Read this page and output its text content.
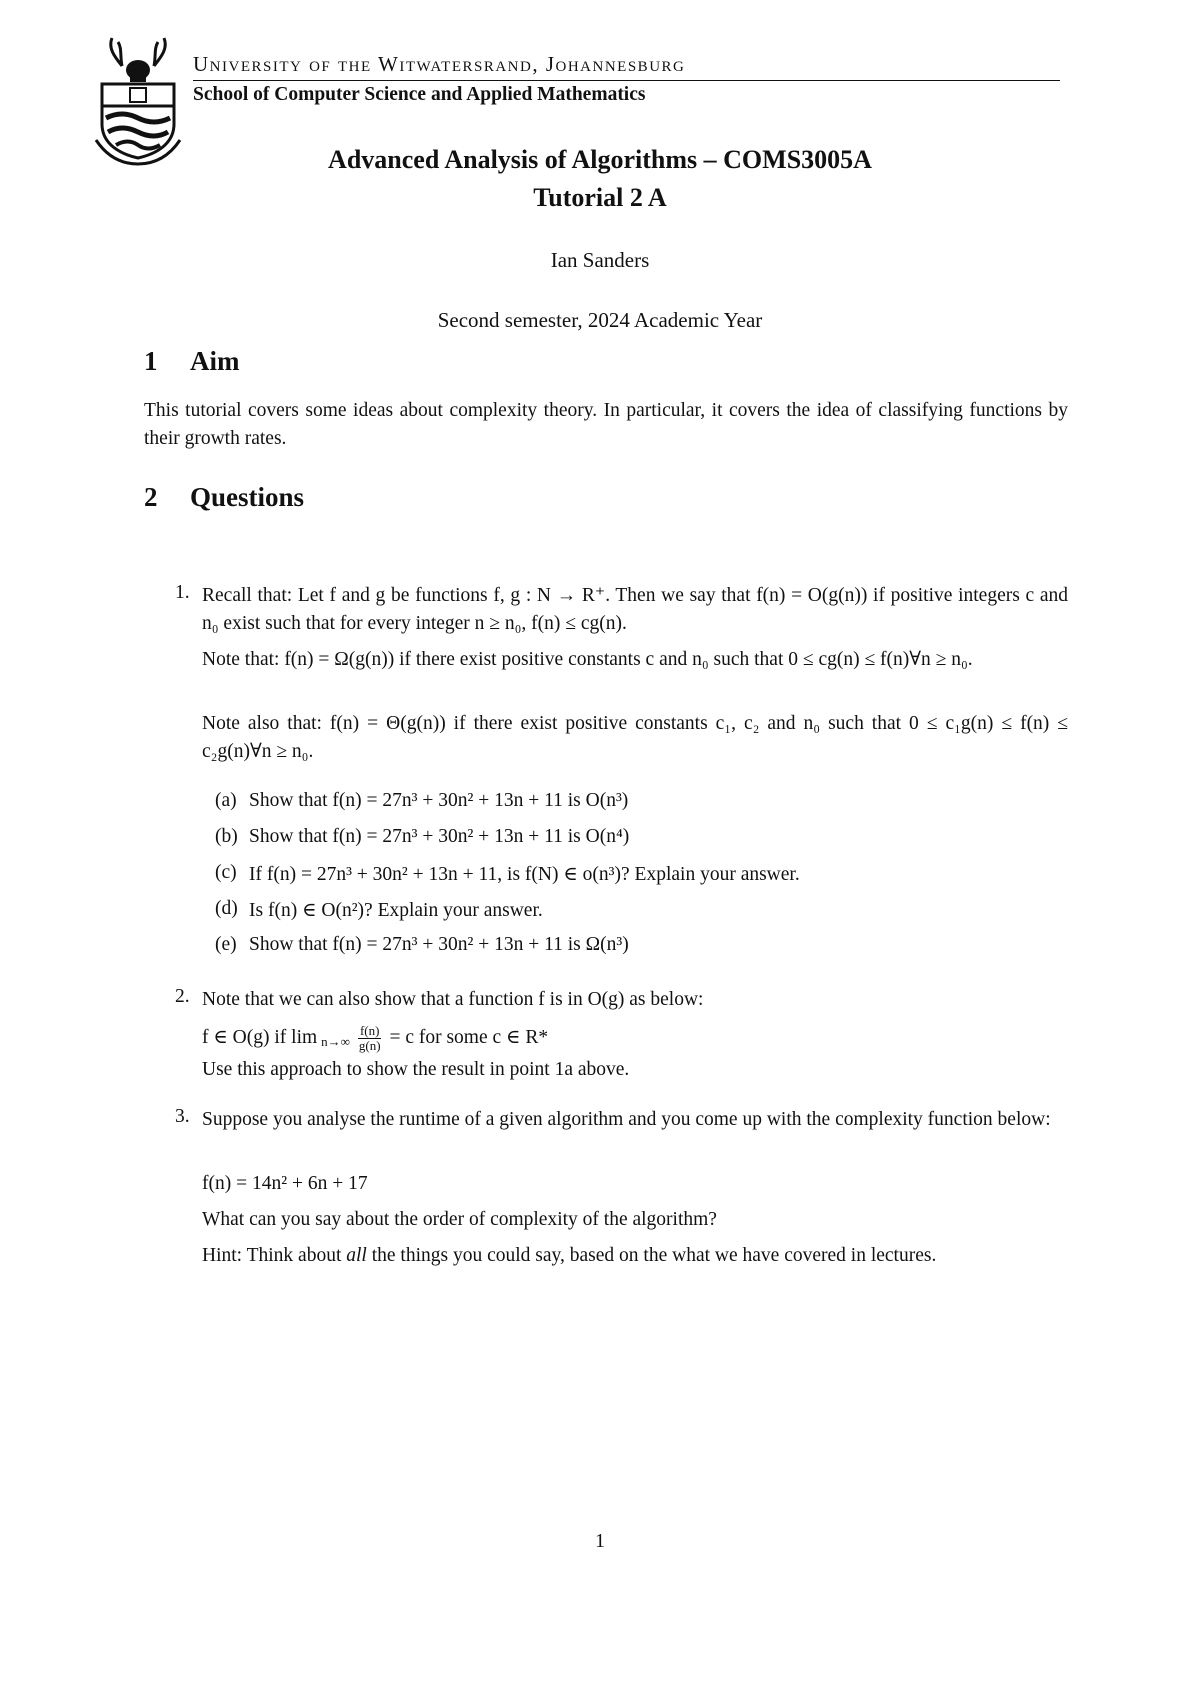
University of the Witwatersrand, Johannesburg
School of Computer Science and Applied Mathematics
Advanced Analysis of Algorithms – COMS3005A
Tutorial 2 A
Ian Sanders
Second semester, 2024 Academic Year
1 Aim
This tutorial covers some ideas about complexity theory. In particular, it covers the idea of classifying functions by their growth rates.
2 Questions
1. Recall that: Let f and g be functions f, g : N → R⁺. Then we say that f(n) = O(g(n)) if positive integers c and n₀ exist such that for every integer n ≥ n₀, f(n) ≤ cg(n).
Note that: f(n) = Ω(g(n)) if there exist positive constants c and n₀ such that 0 ≤ cg(n) ≤ f(n)∀n ≥ n₀.
Note also that: f(n) = Θ(g(n)) if there exist positive constants c₁, c₂ and n₀ such that 0 ≤ c₁g(n) ≤ f(n) ≤ c₂g(n)∀n ≥ n₀.
(a) Show that f(n) = 27n³ + 30n² + 13n + 11 is O(n³)
(b) Show that f(n) = 27n³ + 30n² + 13n + 11 is O(n⁴)
(c) If f(n) = 27n³ + 30n² + 13n + 11, is f(N) ∈ o(n³)? Explain your answer.
(d) Is f(n) ∈ O(n²)? Explain your answer.
(e) Show that f(n) = 27n³ + 30n² + 13n + 11 is Ω(n³)
2. Note that we can also show that a function f is in O(g) as below:
f ∈ O(g) if $\lim _{n\to\infty} \frac{f(n)}{g(n)} = c$ for some c ∈ R*
Use this approach to show the result in point 1a above.
3. Suppose you analyse the runtime of a given algorithm and you come up with the complexity function below:
f(n) = 14n² + 6n + 17
What can you say about the order of complexity of the algorithm?
Hint: Think about all the things you could say, based on the what we have covered in lectures.
1
